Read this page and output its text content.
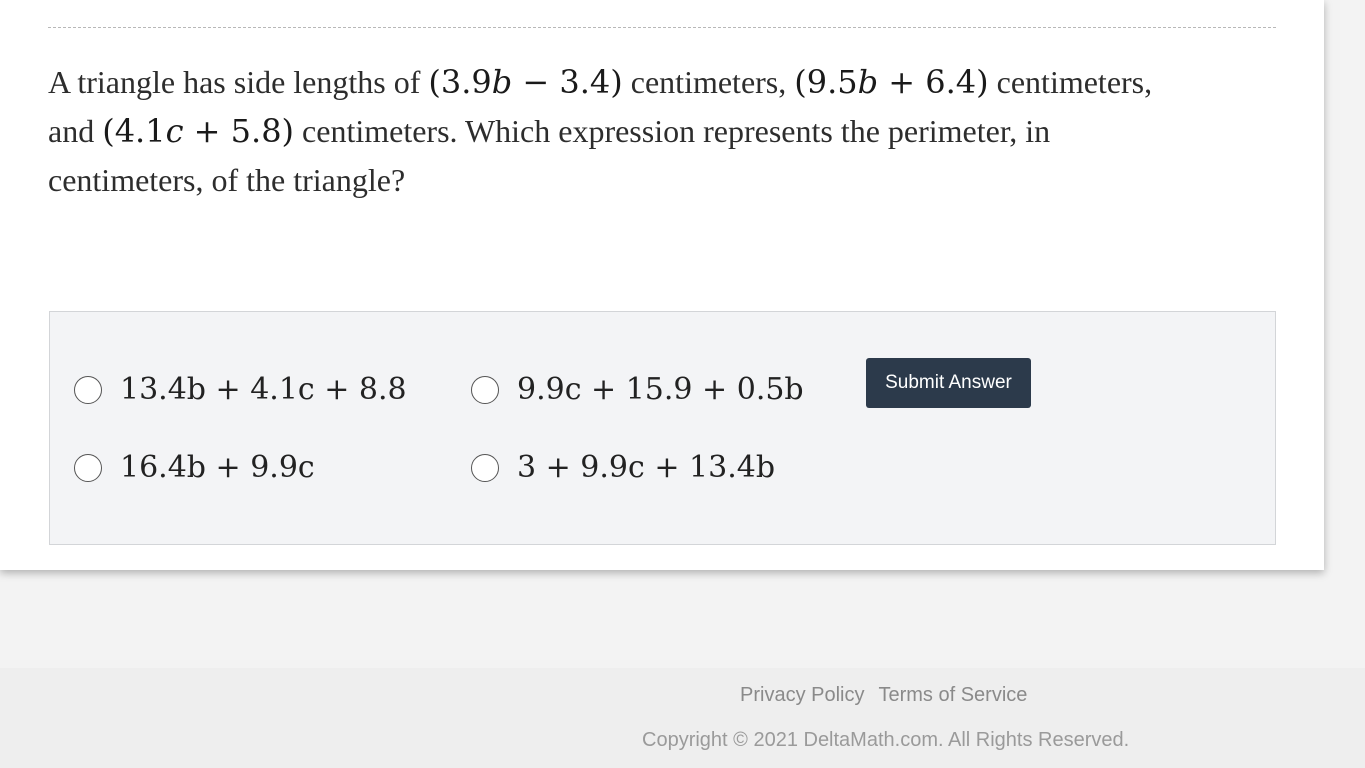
A triangle has side lengths of (3.9b − 3.4) centimeters, (9.5b + 6.4) centimeters,
and (4.1c + 5.8) centimeters. Which expression represents the perimeter, in
centimeters, of the triangle?

13.4b + 4.1c + 8.8	9.9c + 15.9 + 0.5b
16.4b + 9.9c	3 + 9.9c + 13.4b
Submit Answer
Privacy Policy Terms of Service
Copyright © 2021 DeltaMath.com. All Rights Reserved.
